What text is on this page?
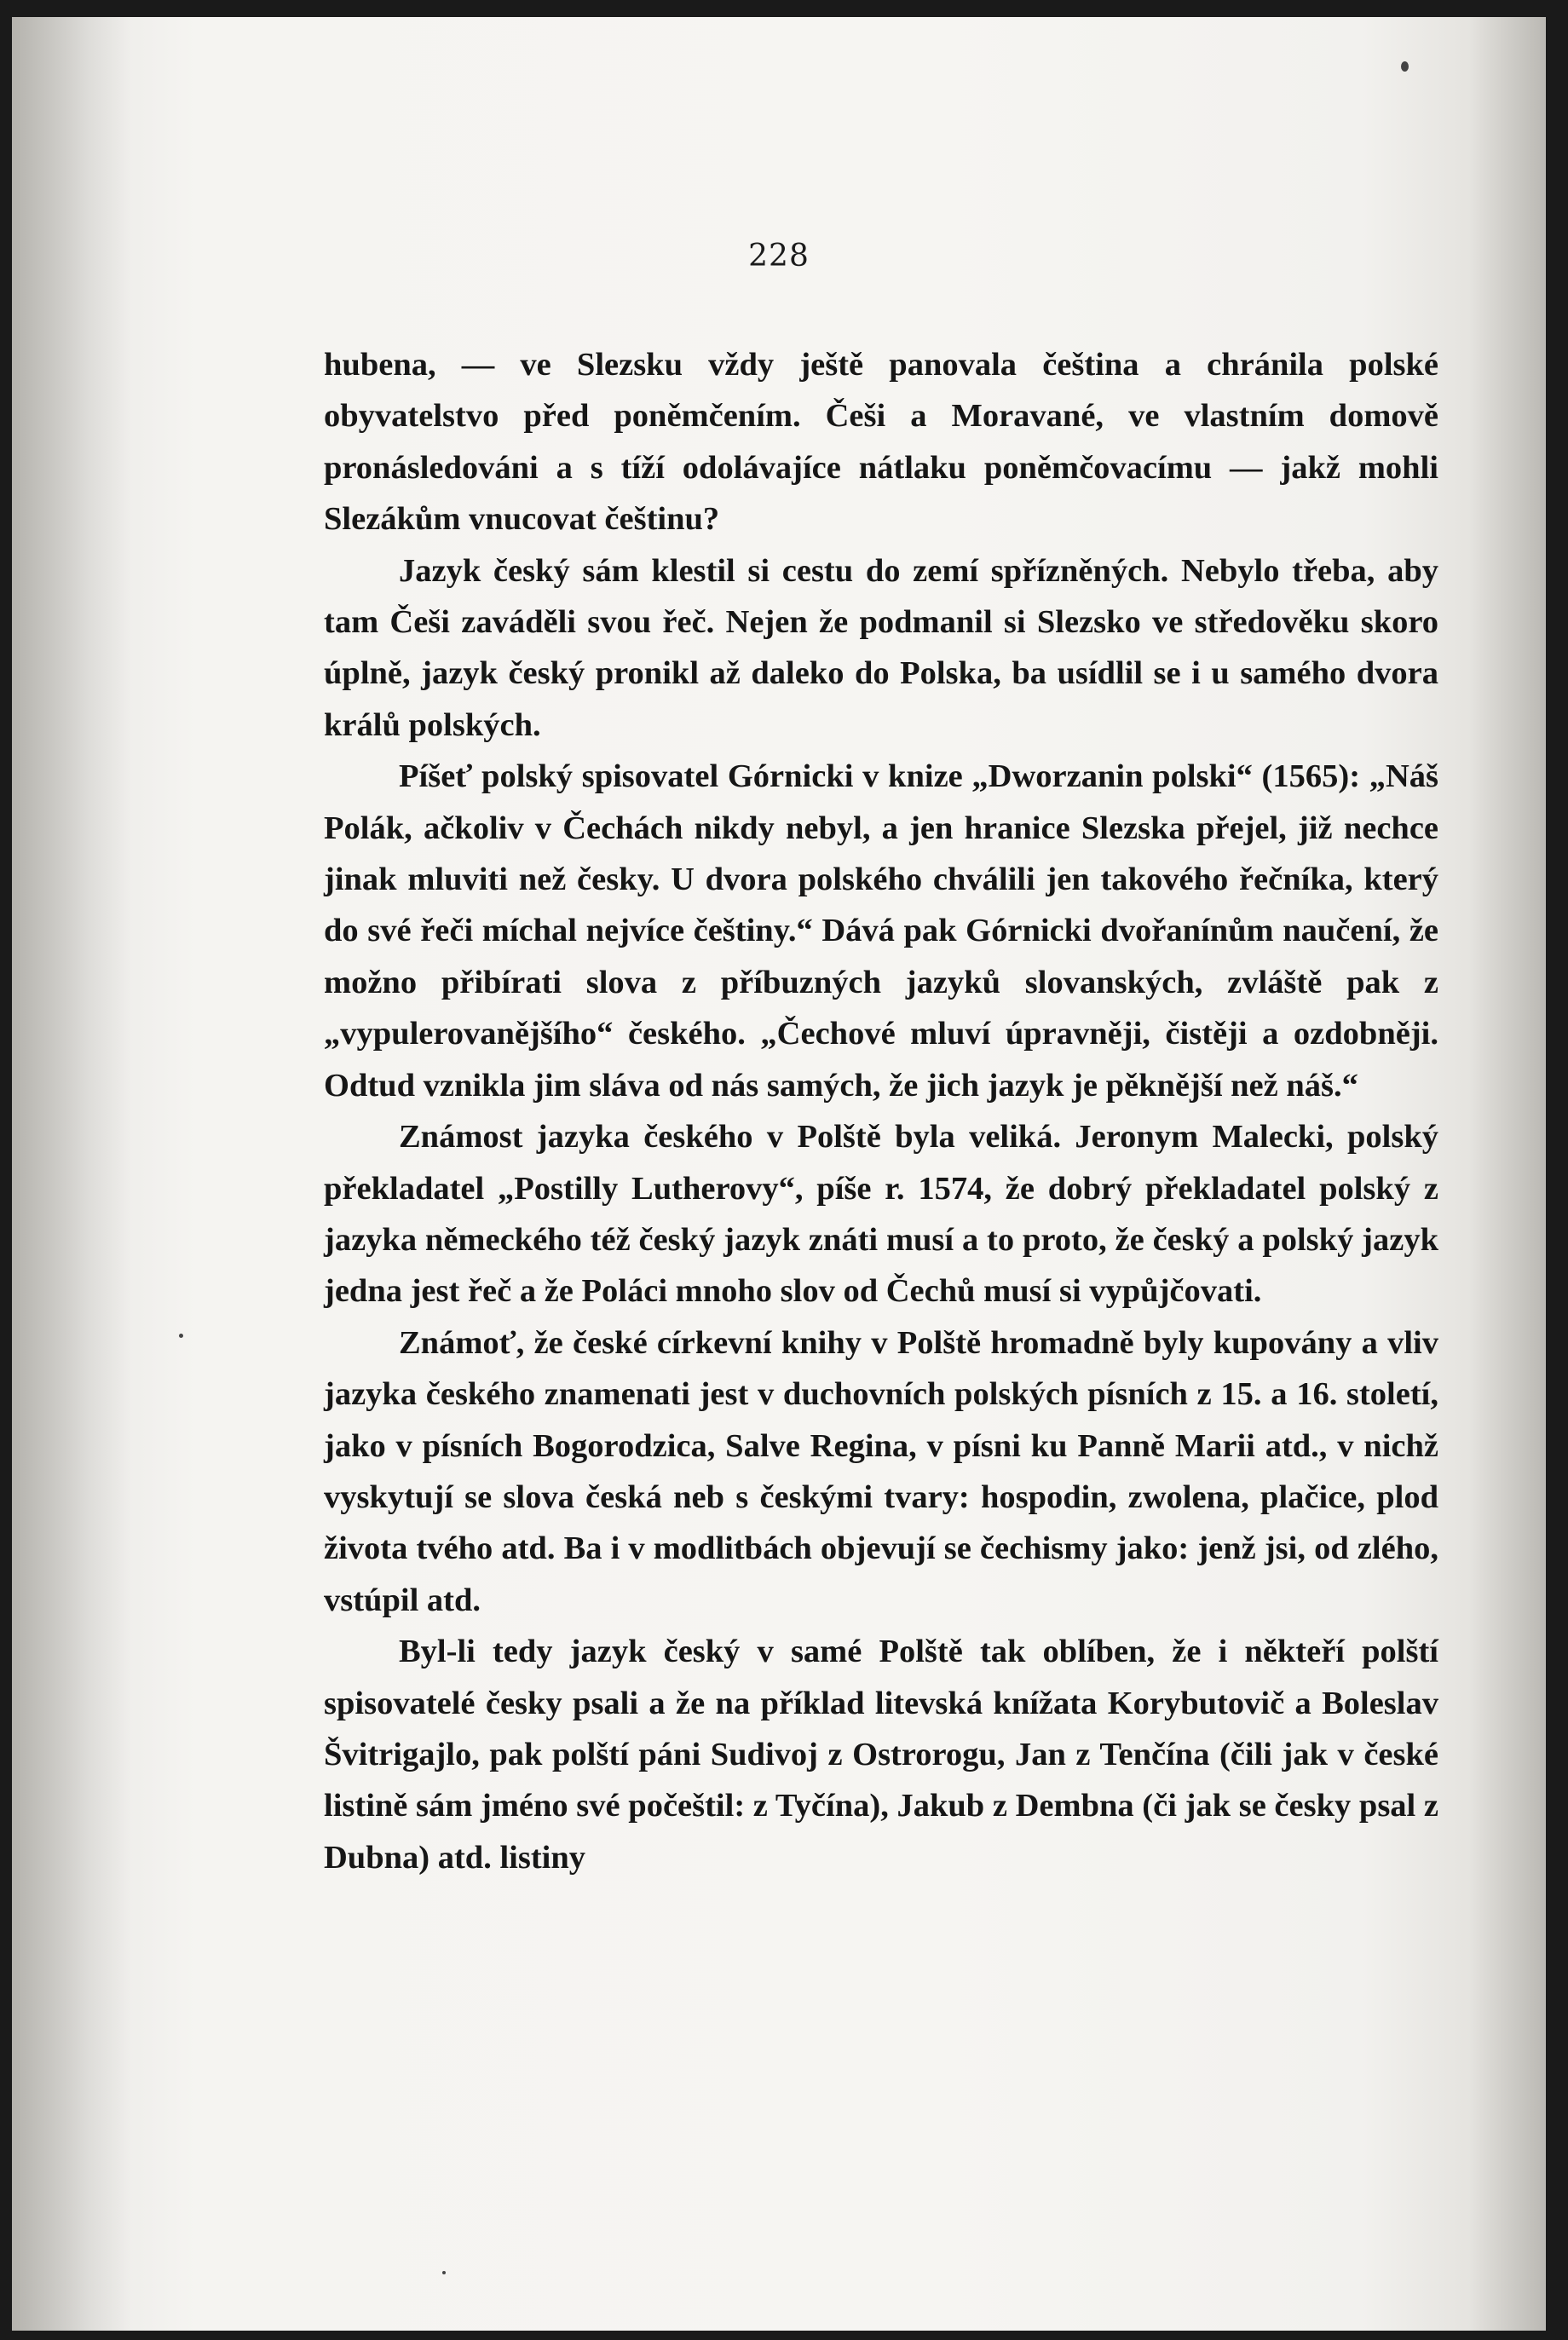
228

hubena, — ve Slezsku vždy ještě panovala čeština a chránila polské obyvatelstvo před poněmčením. Češi a Moravané, ve vlastním domově pronásledováni a s tíží odolávajíce nátlaku poněmčovacímu — jakž mohli Slezákům vnucovat češtinu?

Jazyk český sám klestil si cestu do zemí spřízněných. Nebylo třeba, aby tam Češi zaváděli svou řeč. Nejen že podmanil si Slezsko ve středověku skoro úplně, jazyk český pronikl až daleko do Polska, ba usídlil se i u samého dvora králů polských.

Píšeť polský spisovatel Górnicki v knize „Dworzanin polski“ (1565): „Náš Polák, ačkoliv v Čechách nikdy nebyl, a jen hranice Slezska přejel, již nechce jinak mluviti než česky. U dvora polského chválili jen takového řečníka, který do své řeči míchal nejvíce češtiny.“ Dává pak Górnicki dvořanínům naučení, že možno přibírati slova z příbuzných jazyků slovanských, zvláště pak z „vypulerovanějšího“ českého. „Čechové mluví úpravněji, čistěji a ozdobněji. Odtud vznikla jim sláva od nás samých, že jich jazyk je pěknější než náš.“

Známost jazyka českého v Polště byla veliká. Jeronym Malecki, polský překladatel „Postilly Lutherovy“, píše r. 1574, že dobrý překladatel polský z jazyka německého též český jazyk znáti musí a to proto, že český a polský jazyk jedna jest řeč a že Poláci mnoho slov od Čechů musí si vypůjčovati.

Známoť, že české církevní knihy v Polště hromadně byly kupovány a vliv jazyka českého znamenati jest v duchovních polských písních z 15. a 16. století, jako v písních Bogorodzica, Salve Regina, v písni ku Panně Marii atd., v nichž vyskytují se slova česká neb s českými tvary: hospodin, zwolena, plačice, plod života tvého atd. Ba i v modlitbách objevují se čechismy jako: jenž jsi, od zlého, vstúpil atd.

Byl-li tedy jazyk český v samé Polště tak oblíben, že i někteří polští spisovatelé česky psali a že na příklad litevská knížata Korybutovič a Boleslav Švitrigajlo, pak polští páni Sudivoj z Ostrorogu, Jan z Tenčína (čili jak v české listině sám jméno své počeštil: z Tyčína), Jakub z Dembna (či jak se česky psal z Dubna) atd. listiny
